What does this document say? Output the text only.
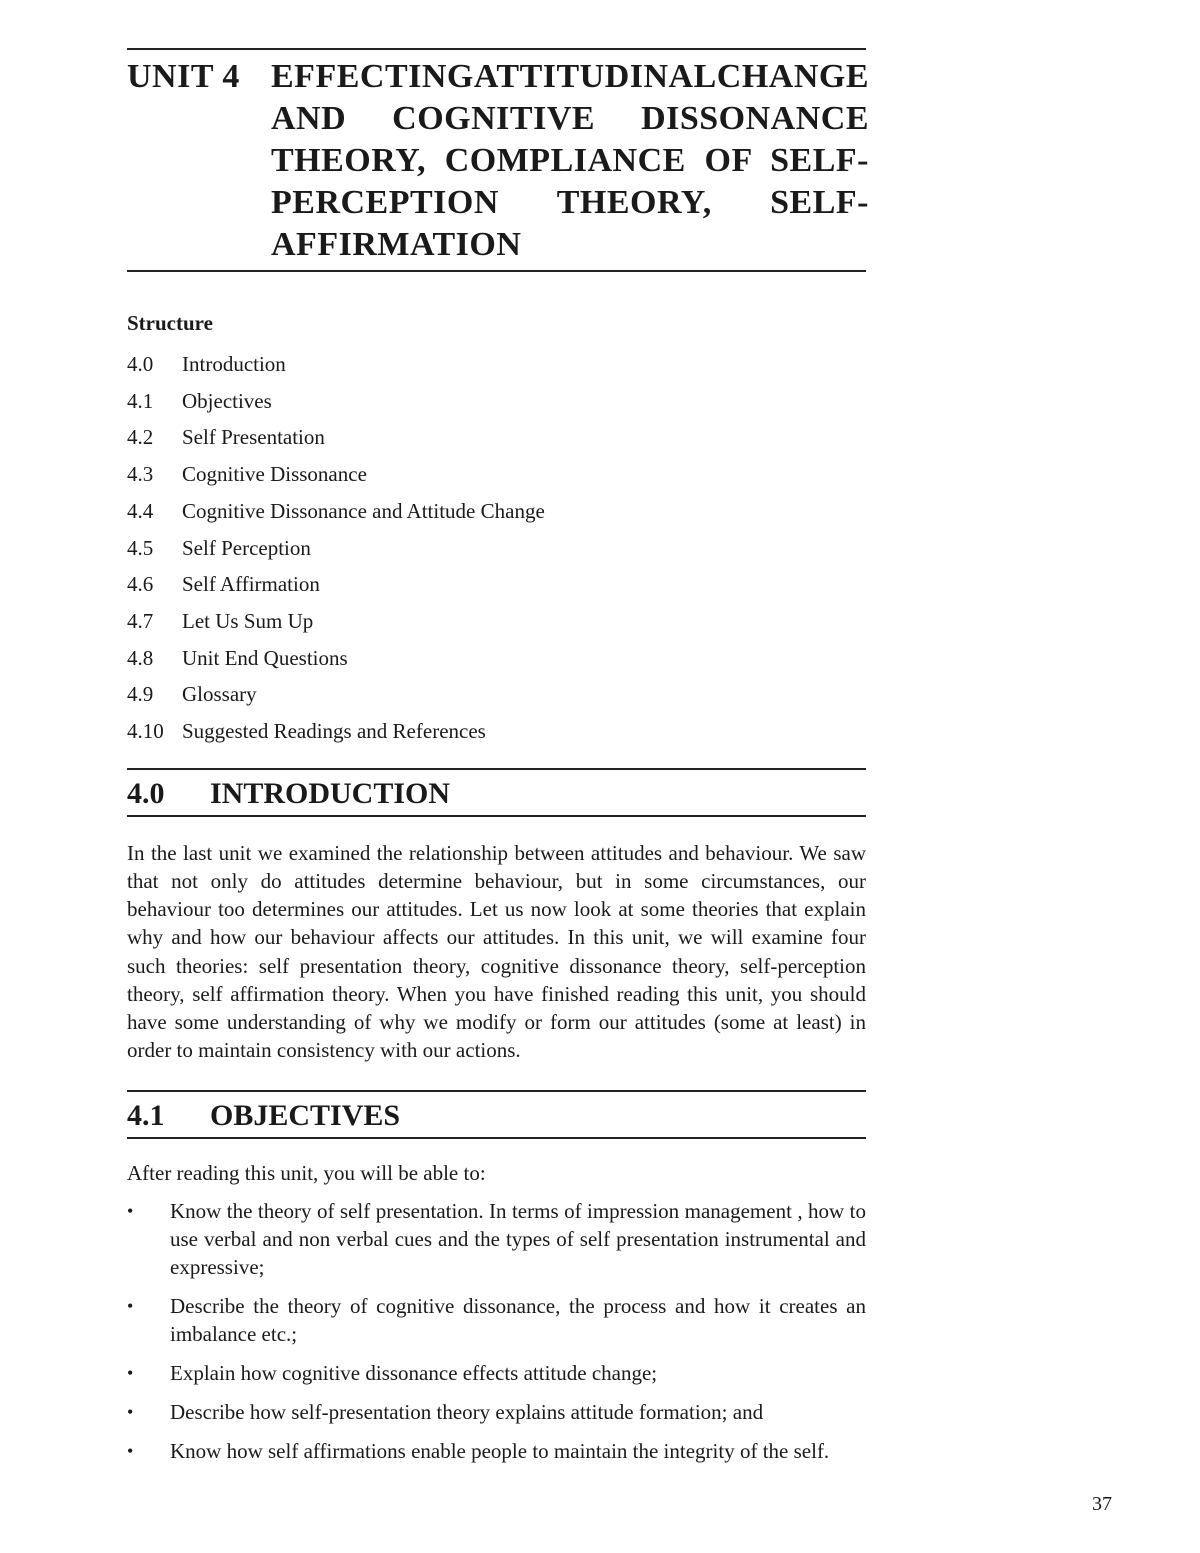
UNIT 4 EFFECTINGATTITUDINALCHANGE
AND COGNITIVE DISSONANCE
THEORY, COMPLIANCE OF SELF-
PERCEPTION THEORY, SELF-
AFFIRMATION
Structure
4.0	Introduction
4.1	Objectives
4.2	Self Presentation
4.3	Cognitive Dissonance
4.4	Cognitive Dissonance and Attitude Change
4.5	Self Perception
4.6	Self Affirmation
4.7	Let Us Sum Up
4.8	Unit End Questions
4.9	Glossary
4.10 Suggested Readings and References
4.0	INTRODUCTION

In the last unit we examined the relationship between attitudes and behaviour. We saw that not only do attitudes determine behaviour, but in some circumstances, our behaviour too determines our attitudes. Let us now look at some theories that explain why and how our behaviour affects our attitudes. In this unit, we will examine four such theories: self presentation theory, cognitive dissonance theory, self-perception theory, self affirmation theory. When you have finished reading this unit, you should have some understanding of why we modify or form our attitudes (some at least) in order to maintain consistency with our actions.

4.1	OBJECTIVES

After reading this unit, you will be able to:

•	Know the theory of self presentation. In terms of impression management , how to use verbal and non verbal cues and the types of self presentation instrumental and expressive;
•	Describe the theory of cognitive dissonance, the process and how it creates an imbalance etc.;
•	Explain how cognitive dissonance effects attitude change;
•	Describe how self-presentation theory explains attitude formation; and
•	Know how self affirmations enable people to maintain the integrity of the self.
37
